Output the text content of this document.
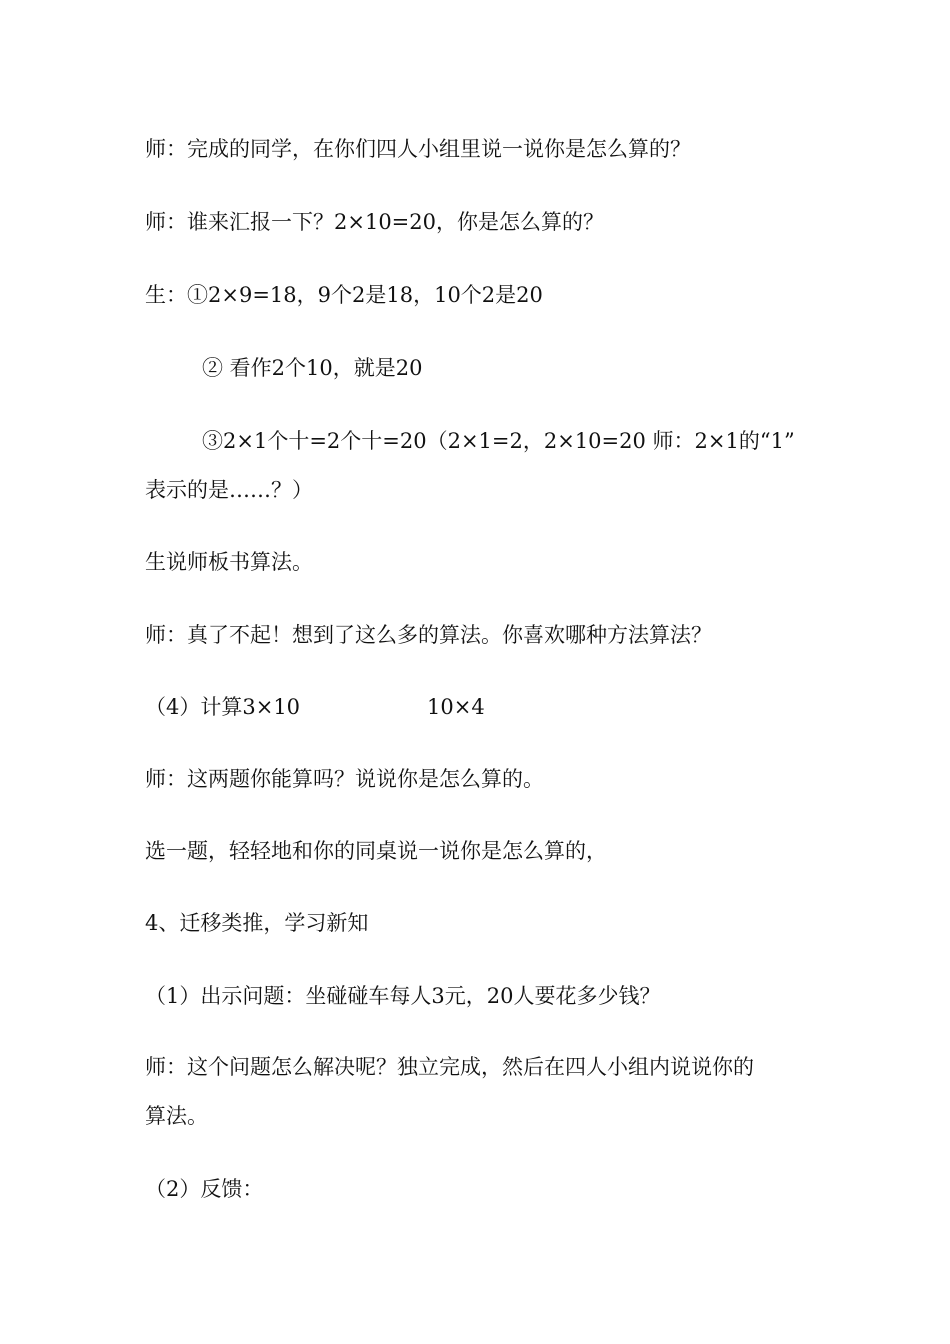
师：完成的同学，在你们四人小组里说一说你是怎么算的？
师：谁来汇报一下？2×10=20，你是怎么算的？
生：①2×9=18，9个2是18，10个2是20
② 看作2个10，就是20
③2×1个十=2个十=20（2×1=2，2×10=20 师：2×1的“1”
表示的是……？）
生说师板书算法。
师：真了不起！想到了这么多的算法。你喜欢哪种方法算法？
（4）计算3×10	10×4
师：这两题你能算吗？说说你是怎么算的。
选一题，轻轻地和你的同桌说一说你是怎么算的，
4、迁移类推，学习新知
（1）出示问题：坐碰碰车每人3元，20人要花多少钱？
师：这个问题怎么解决呢？独立完成，然后在四人小组内说说你的
算法。
（2）反馈：
